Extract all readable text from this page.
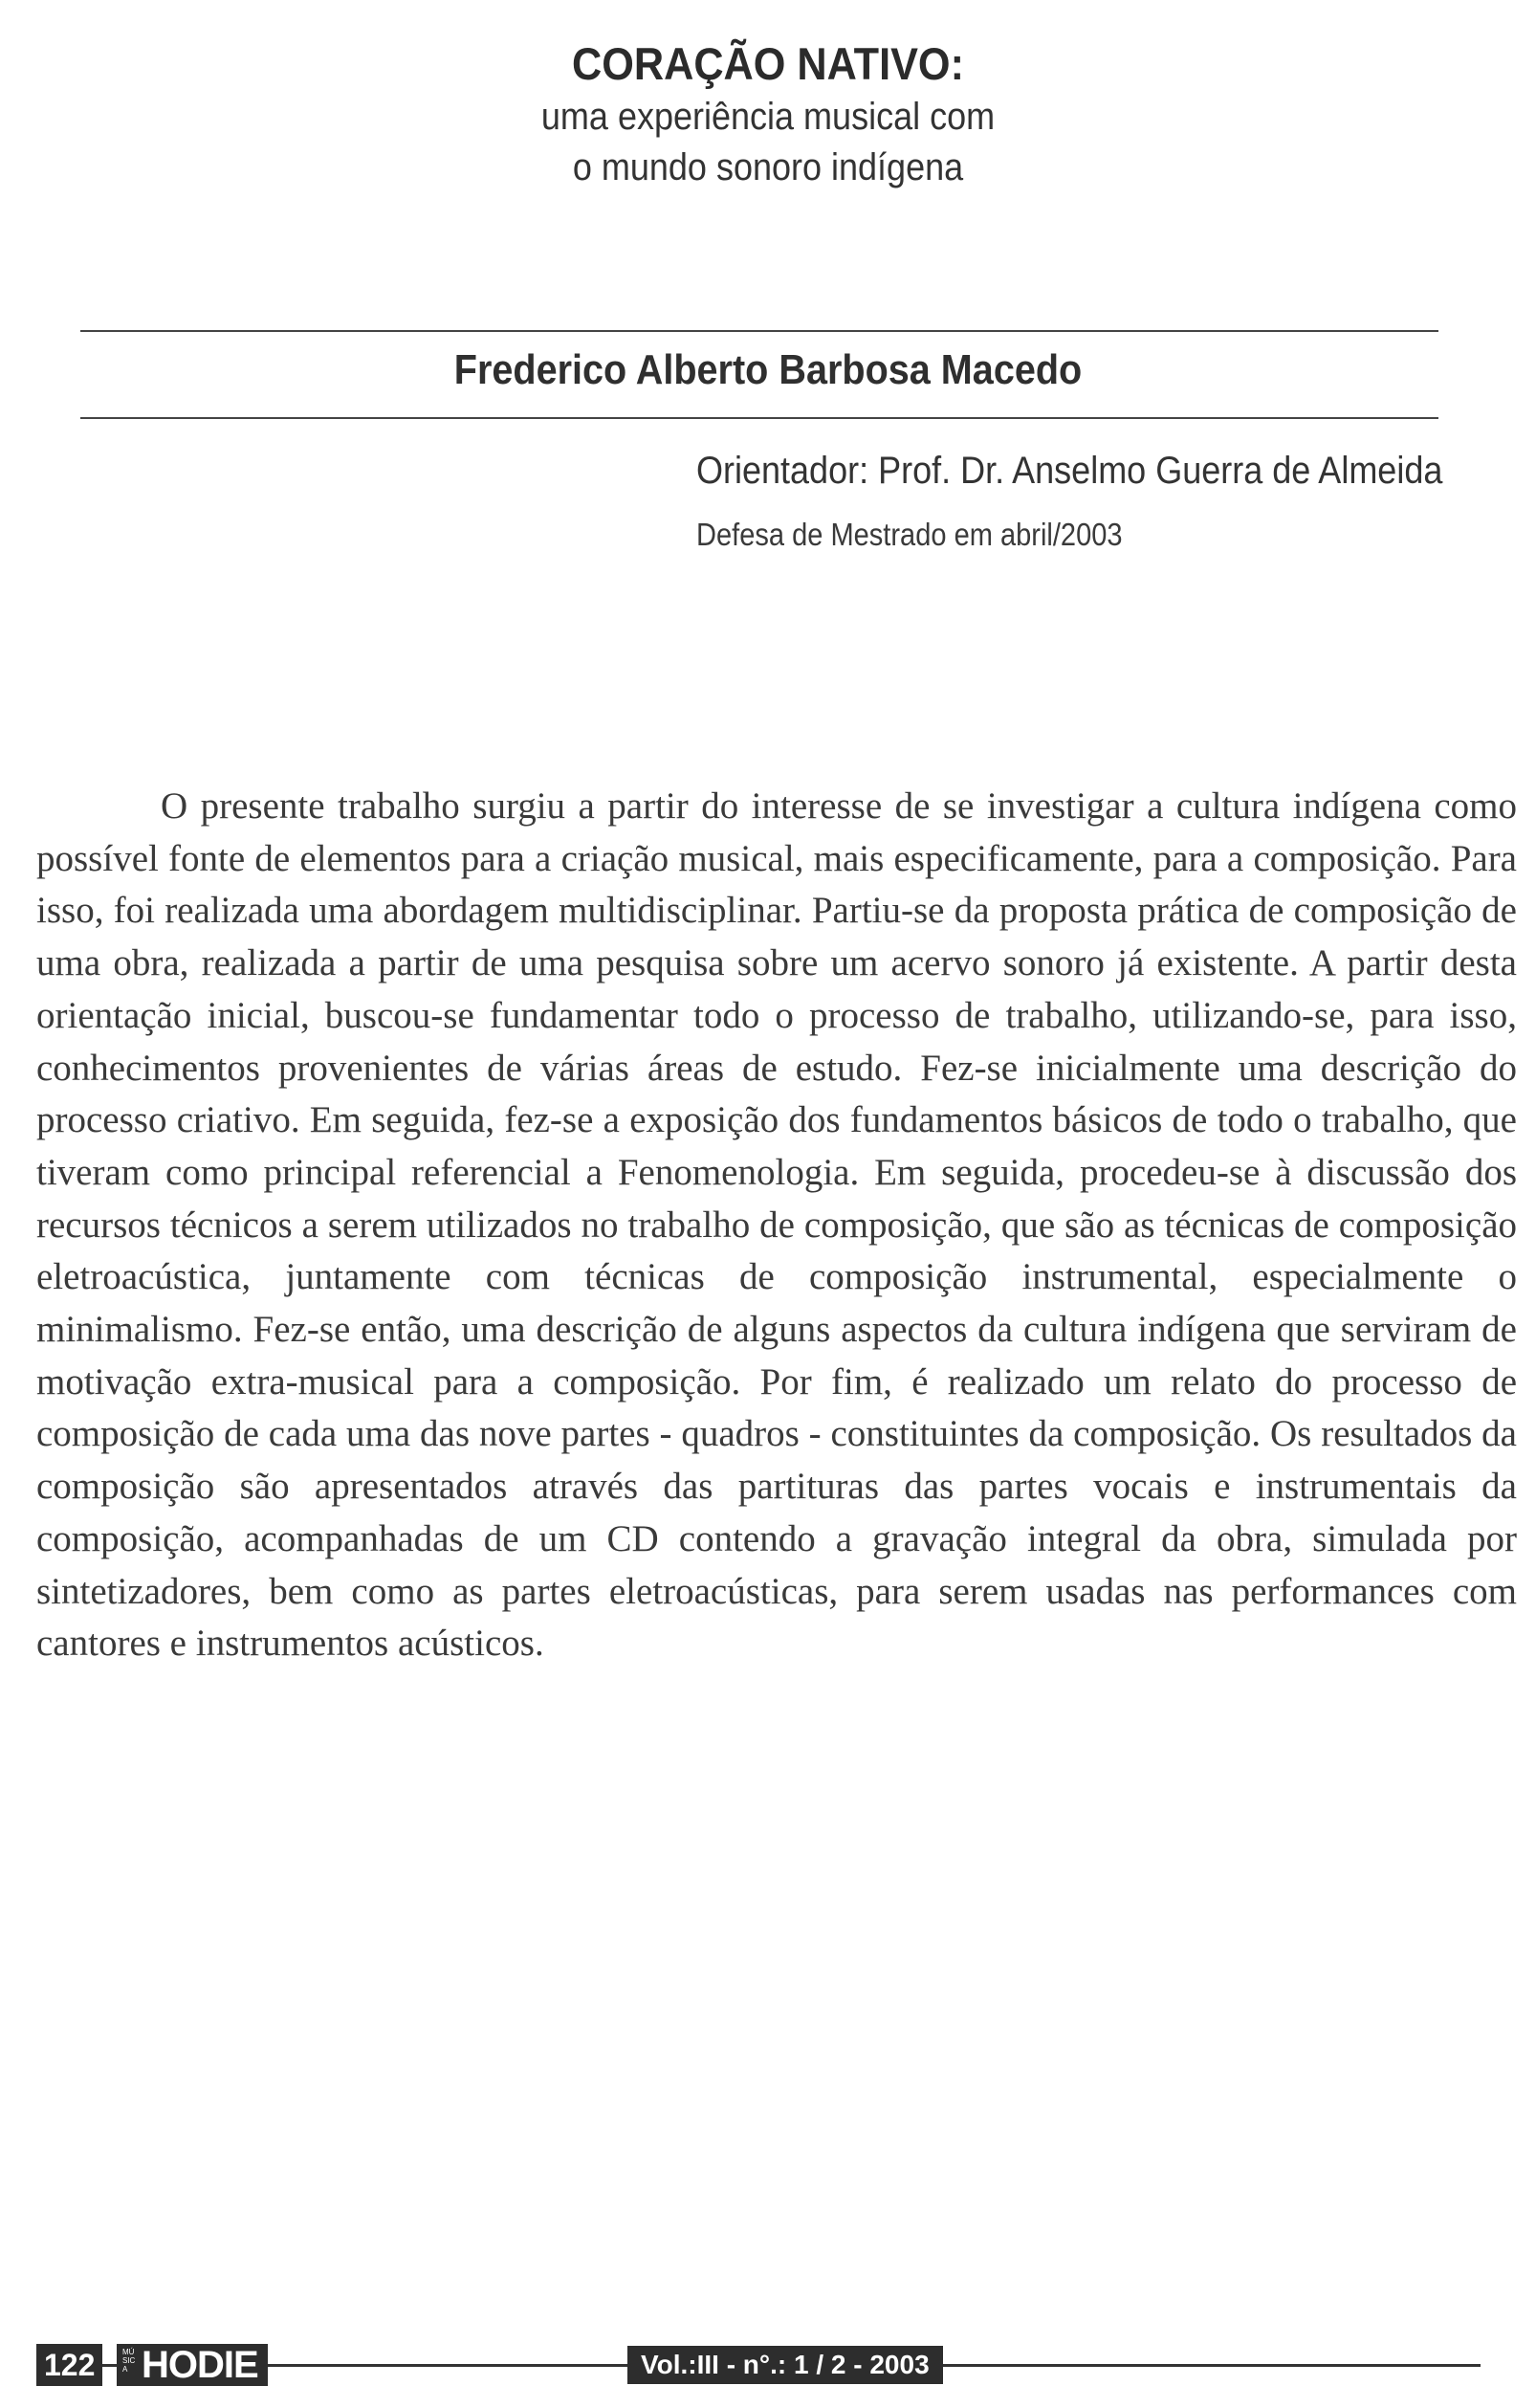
CORAÇÃO NATIVO:
uma experiência musical com
o mundo sonoro indígena
Frederico Alberto Barbosa Macedo
Orientador: Prof. Dr. Anselmo Guerra de Almeida
Defesa de Mestrado em abril/2003

O presente trabalho surgiu a partir do interesse de se investigar a cultura indígena como possível fonte de elementos para a criação musical, mais especificamente, para a composição. Para isso, foi realizada uma abordagem multidisciplinar. Partiu-se da proposta prática de composição de uma obra, realizada a partir de uma pesquisa sobre um acervo sonoro já existente. A partir desta orientação inicial, buscou-se fundamentar todo o processo de trabalho, utilizando-se, para isso, conhecimentos provenientes de várias áreas de estudo. Fez-se inicialmente uma descrição do processo criativo. Em seguida, fez-se a exposição dos fundamentos básicos de todo o trabalho, que tiveram como principal referencial a Fenomenologia. Em seguida, procedeu-se à discussão dos recursos técnicos a serem utilizados no trabalho de composição, que são as técnicas de composição eletroacústica, juntamente com técnicas de composição instrumental, especialmente o minimalismo. Fez-se então, uma descrição de alguns aspectos da cultura indígena que serviram de motivação extra-musical para a composição. Por fim, é realizado um relato do processo de composição de cada uma das nove partes - quadros - constituintes da composição. Os resultados da composição são apresentados através das partituras das partes vocais e instrumentais da composição, acompanhadas de um CD contendo a gravação integral da obra, simulada por sintetizadores, bem como as partes eletroacústicas, para serem usadas nas performances com cantores e instrumentos acústicos.

122	MÚSICA HODIE	Vol.:III - n°.: 1 / 2 - 2003
